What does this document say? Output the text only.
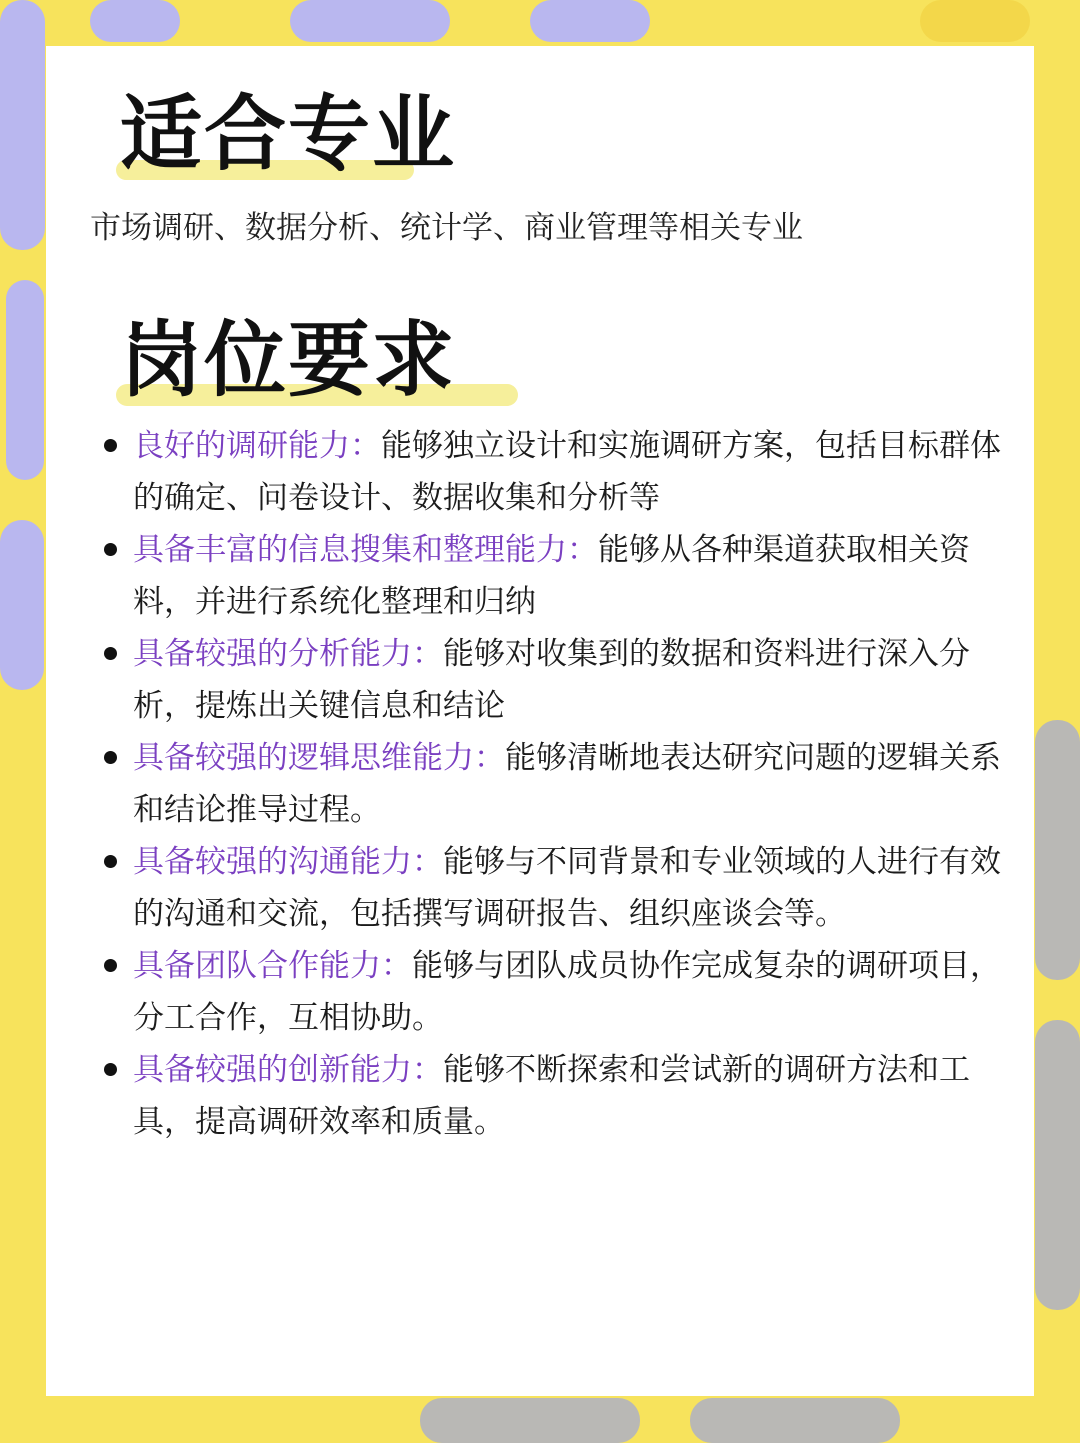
适合专业
市场调研、数据分析、统计学、商业管理等相关专业
岗位要求
良好的调研能力：能够独立设计和实施调研方案，包括目标群体的确定、问卷设计、数据收集和分析等
具备丰富的信息搜集和整理能力：能够从各种渠道获取相关资料，并进行系统化整理和归纳
具备较强的分析能力：能够对收集到的数据和资料进行深入分析，提炼出关键信息和结论
具备较强的逻辑思维能力：能够清晰地表达研究问题的逻辑关系和结论推导过程。
具备较强的沟通能力：能够与不同背景和专业领域的人进行有效的沟通和交流，包括撰写调研报告、组织座谈会等。
具备团队合作能力：能够与团队成员协作完成复杂的调研项目，分工合作，互相协助。
具备较强的创新能力：能够不断探索和尝试新的调研方法和工具，提高调研效率和质量。
